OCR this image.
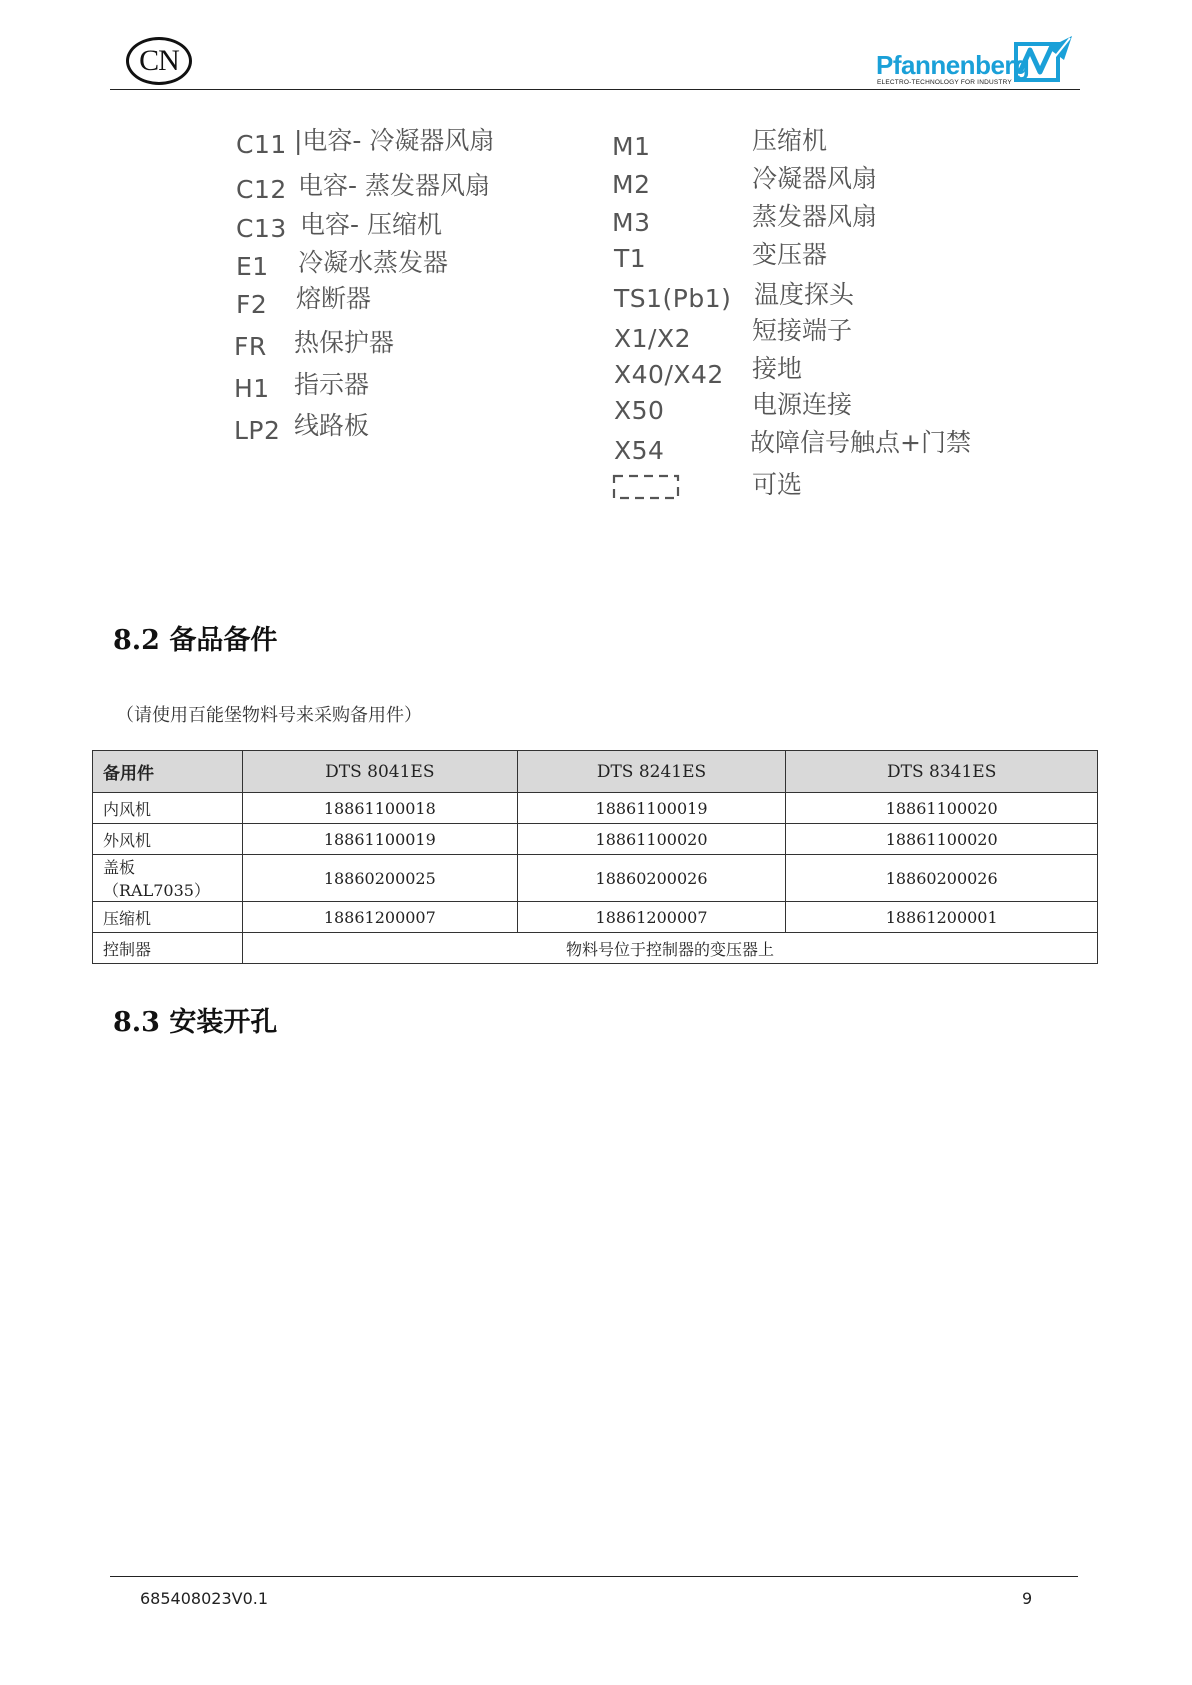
CN	Pfannenberg
ELECTRO-TECHNOLOGY FOR INDUSTRY
C11 |电容- 冷凝器风扇
C12 电容- 蒸发器风扇
C13 电容- 压缩机
E1 冷凝水蒸发器
F2 熔断器
FR 热保护器
H1 指示器
LP2 线路板
M1	压缩机
M2	冷凝器风扇
M3	蒸发器风扇
T1	变压器
TS1(Pb1) 温度探头
X1/X2 短接端子
X40/X42 接地
X50	电源连接
X54	故障信号触点+门禁
可选
8.2 备品备件
（请使用百能堡物料号来采购备用件）
备用件	DTS 8041ES	DTS 8241ES	DTS 8341ES
内风机	18861100018	18861100019	18861100020
外风机	18861100019	18861100020	18861100020
盖板（RAL7035）	18860200025	18860200026	18860200026
压缩机	18861200007	18861200007	18861200001
控制器	物料号位于控制器的变压器上		
8.3 安装开孔
685408023V0.1	9
